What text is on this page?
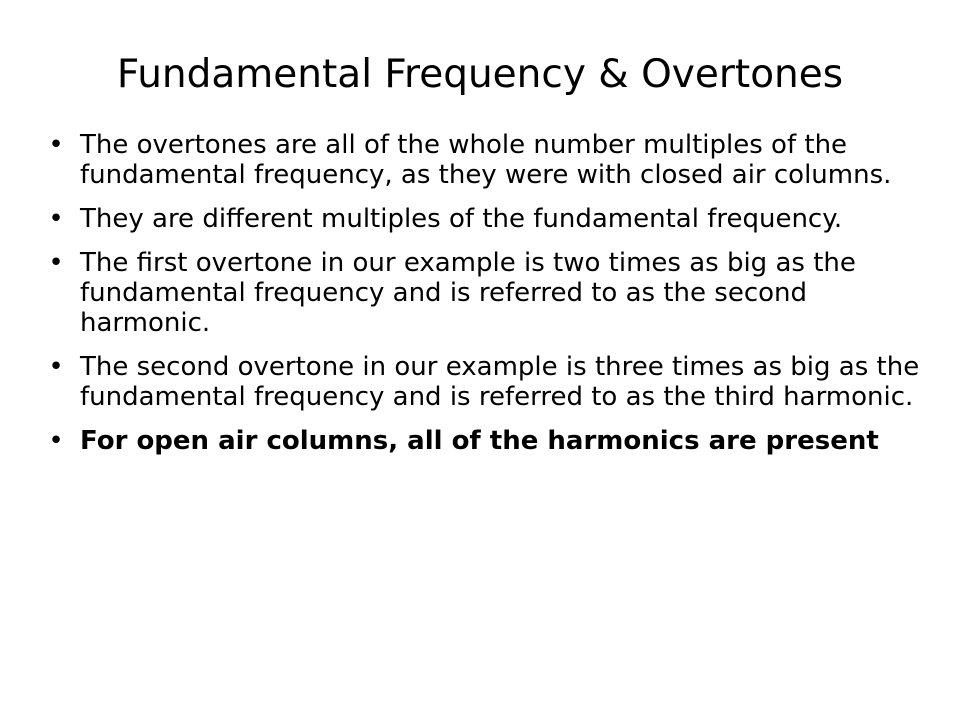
Fundamental Frequency & Overtones
• The overtones are all of the whole number multiples of the fundamental frequency, as they were with closed air columns.
• They are different multiples of the fundamental frequency.
• The first overtone in our example is two times as big as the fundamental frequency and is referred to as the second harmonic.
• The second overtone in our example is three times as big as the fundamental frequency and is referred to as the third harmonic.
• For open air columns, all of the harmonics are present
